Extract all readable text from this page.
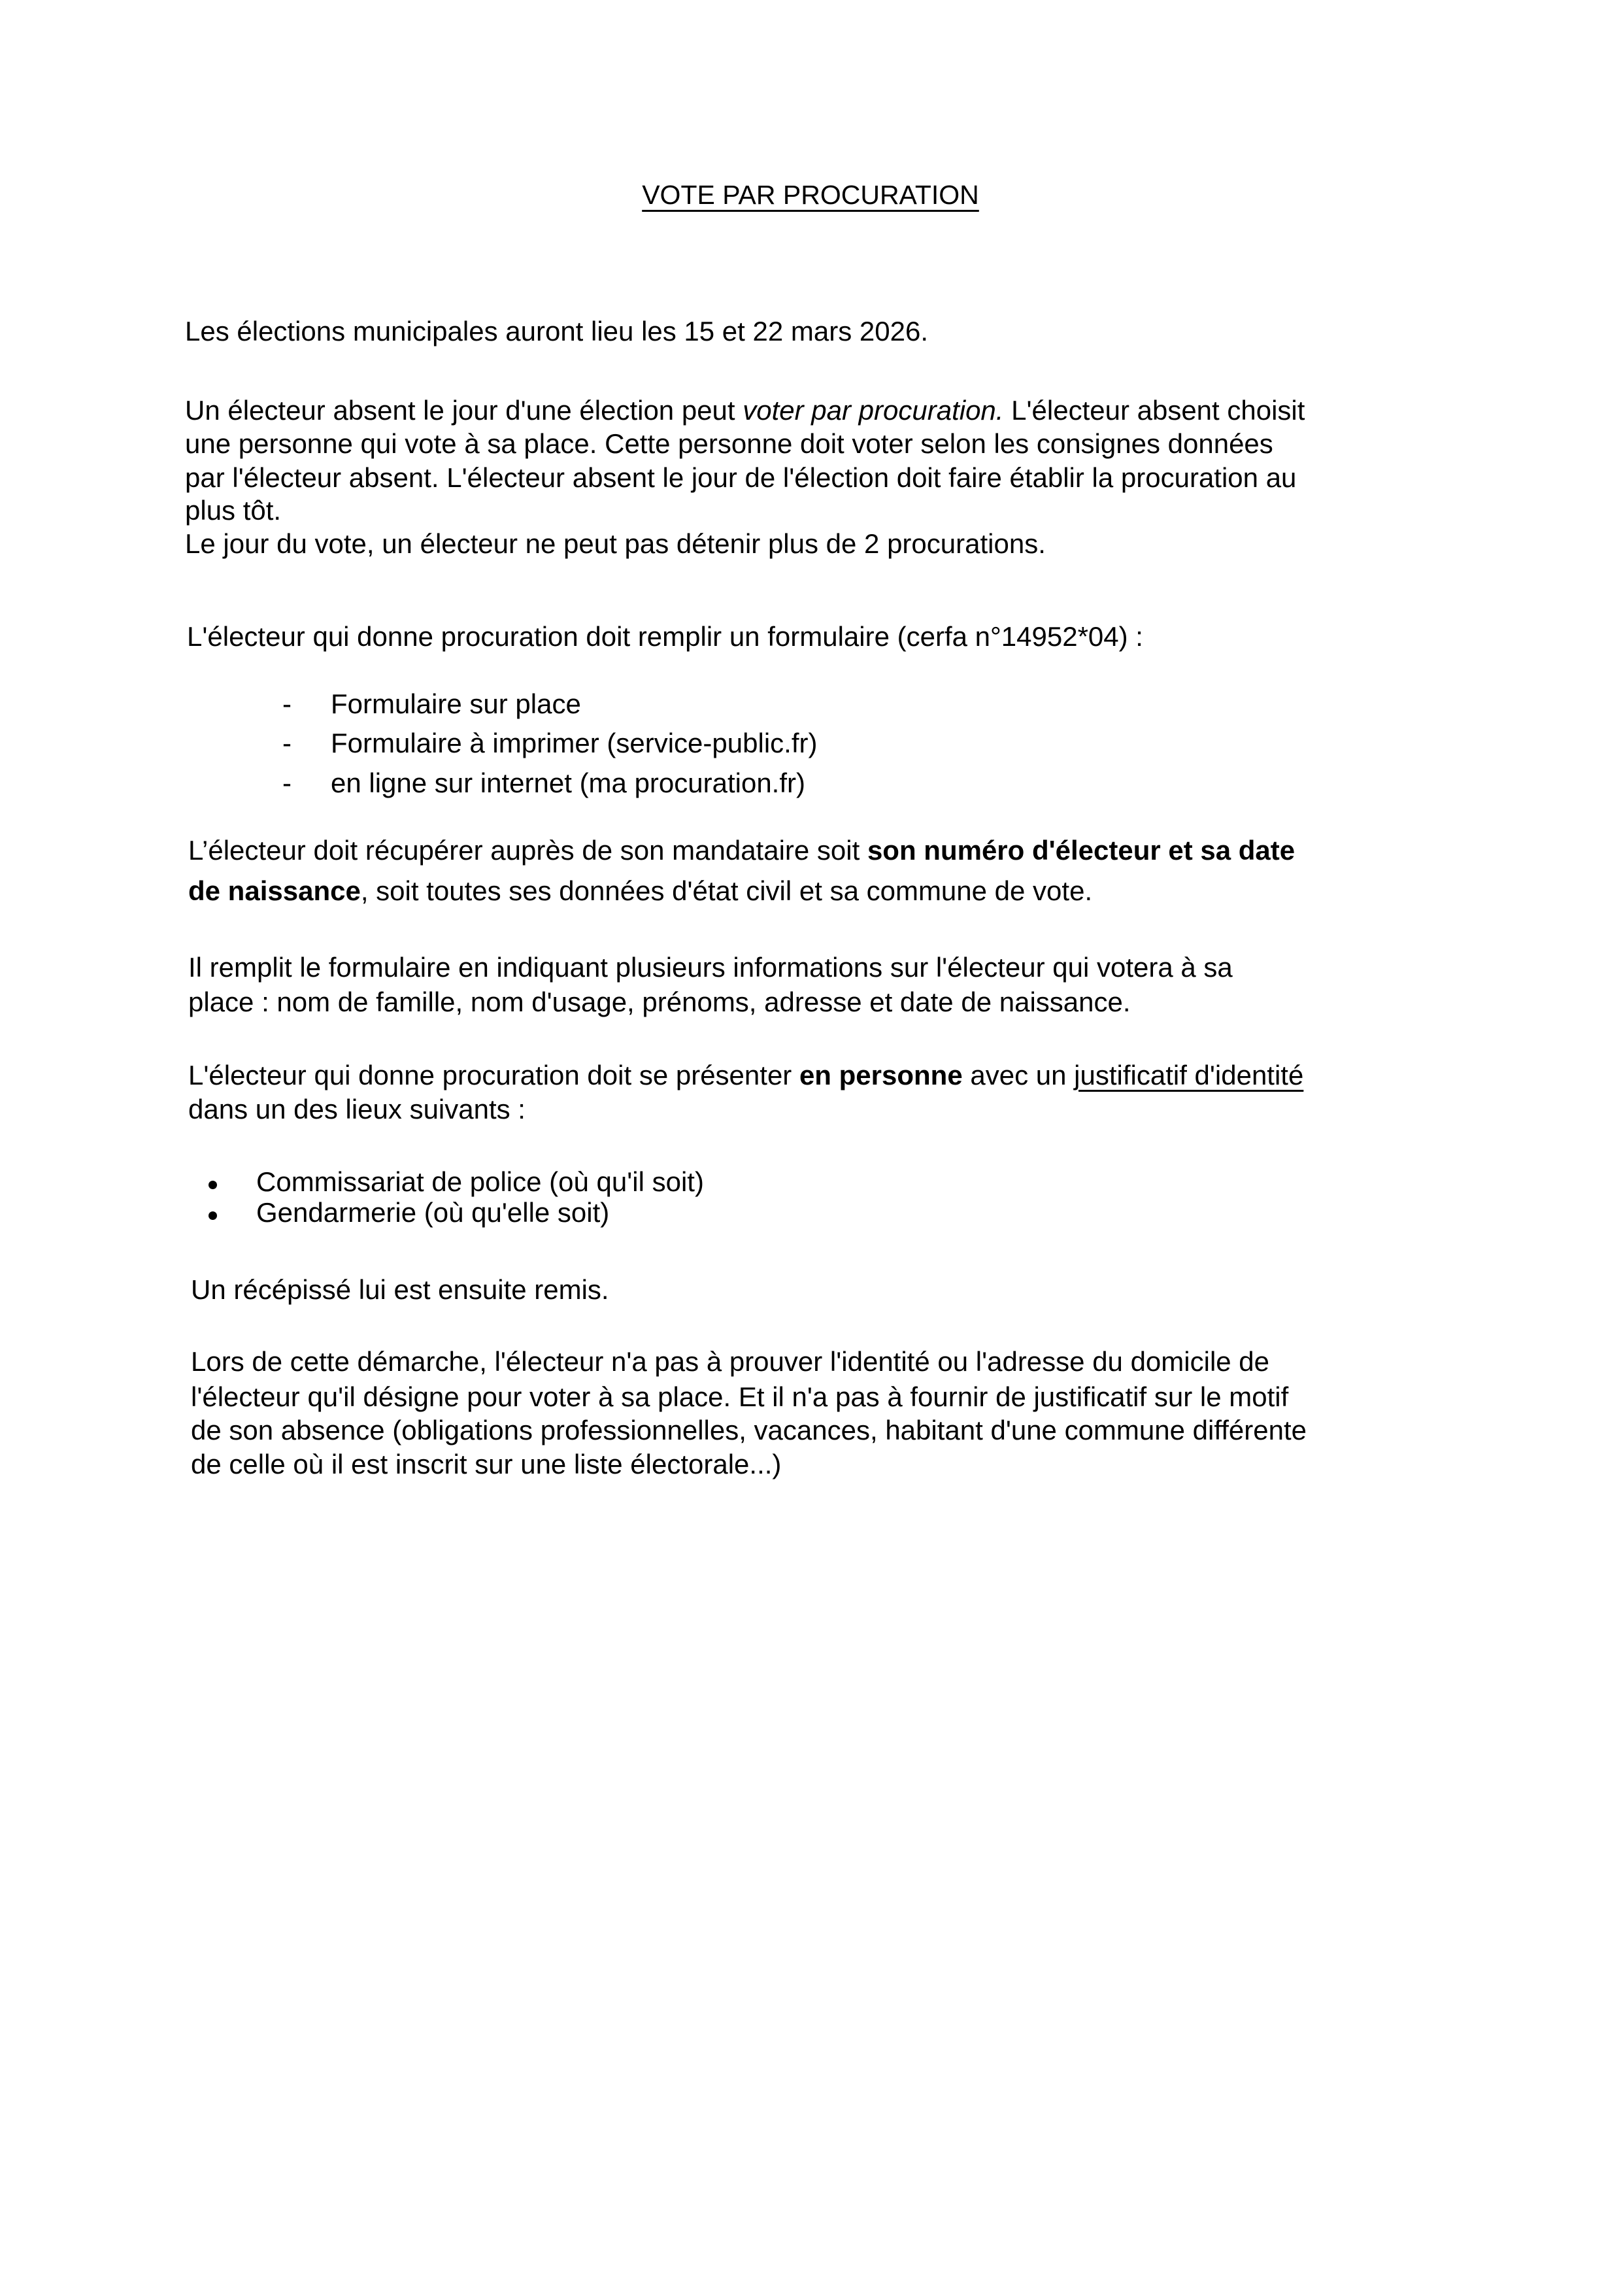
VOTE PAR PROCURATION
Les élections municipales auront lieu les 15 et 22 mars 2026.
Un électeur absent le jour d'une élection peut voter par procuration. L'électeur absent choisit
une personne qui vote à sa place. Cette personne doit voter selon les consignes données
par l'électeur absent. L'électeur absent le jour de l'élection doit faire établir la procuration au
plus tôt.
Le jour du vote, un électeur ne peut pas détenir plus de 2 procurations.
L'électeur qui donne procuration doit remplir un formulaire (cerfa n°14952*04) :
- Formulaire sur place
- Formulaire à imprimer (service-public.fr)
- en ligne sur internet (ma procuration.fr)
L’électeur doit récupérer auprès de son mandataire soit son numéro d'électeur et sa date
de naissance, soit toutes ses données d'état civil et sa commune de vote.
Il remplit le formulaire en indiquant plusieurs informations sur l'électeur qui votera à sa
place : nom de famille, nom d'usage, prénoms, adresse et date de naissance.
L'électeur qui donne procuration doit se présenter en personne avec un justificatif d'identité
dans un des lieux suivants :
Commissariat de police (où qu'il soit)
Gendarmerie (où qu'elle soit)
Un récépissé lui est ensuite remis.
Lors de cette démarche, l'électeur n'a pas à prouver l'identité ou l'adresse du domicile de
l'électeur qu'il désigne pour voter à sa place. Et il n'a pas à fournir de justificatif sur le motif
de son absence (obligations professionnelles, vacances, habitant d'une commune différente
de celle où il est inscrit sur une liste électorale...)
